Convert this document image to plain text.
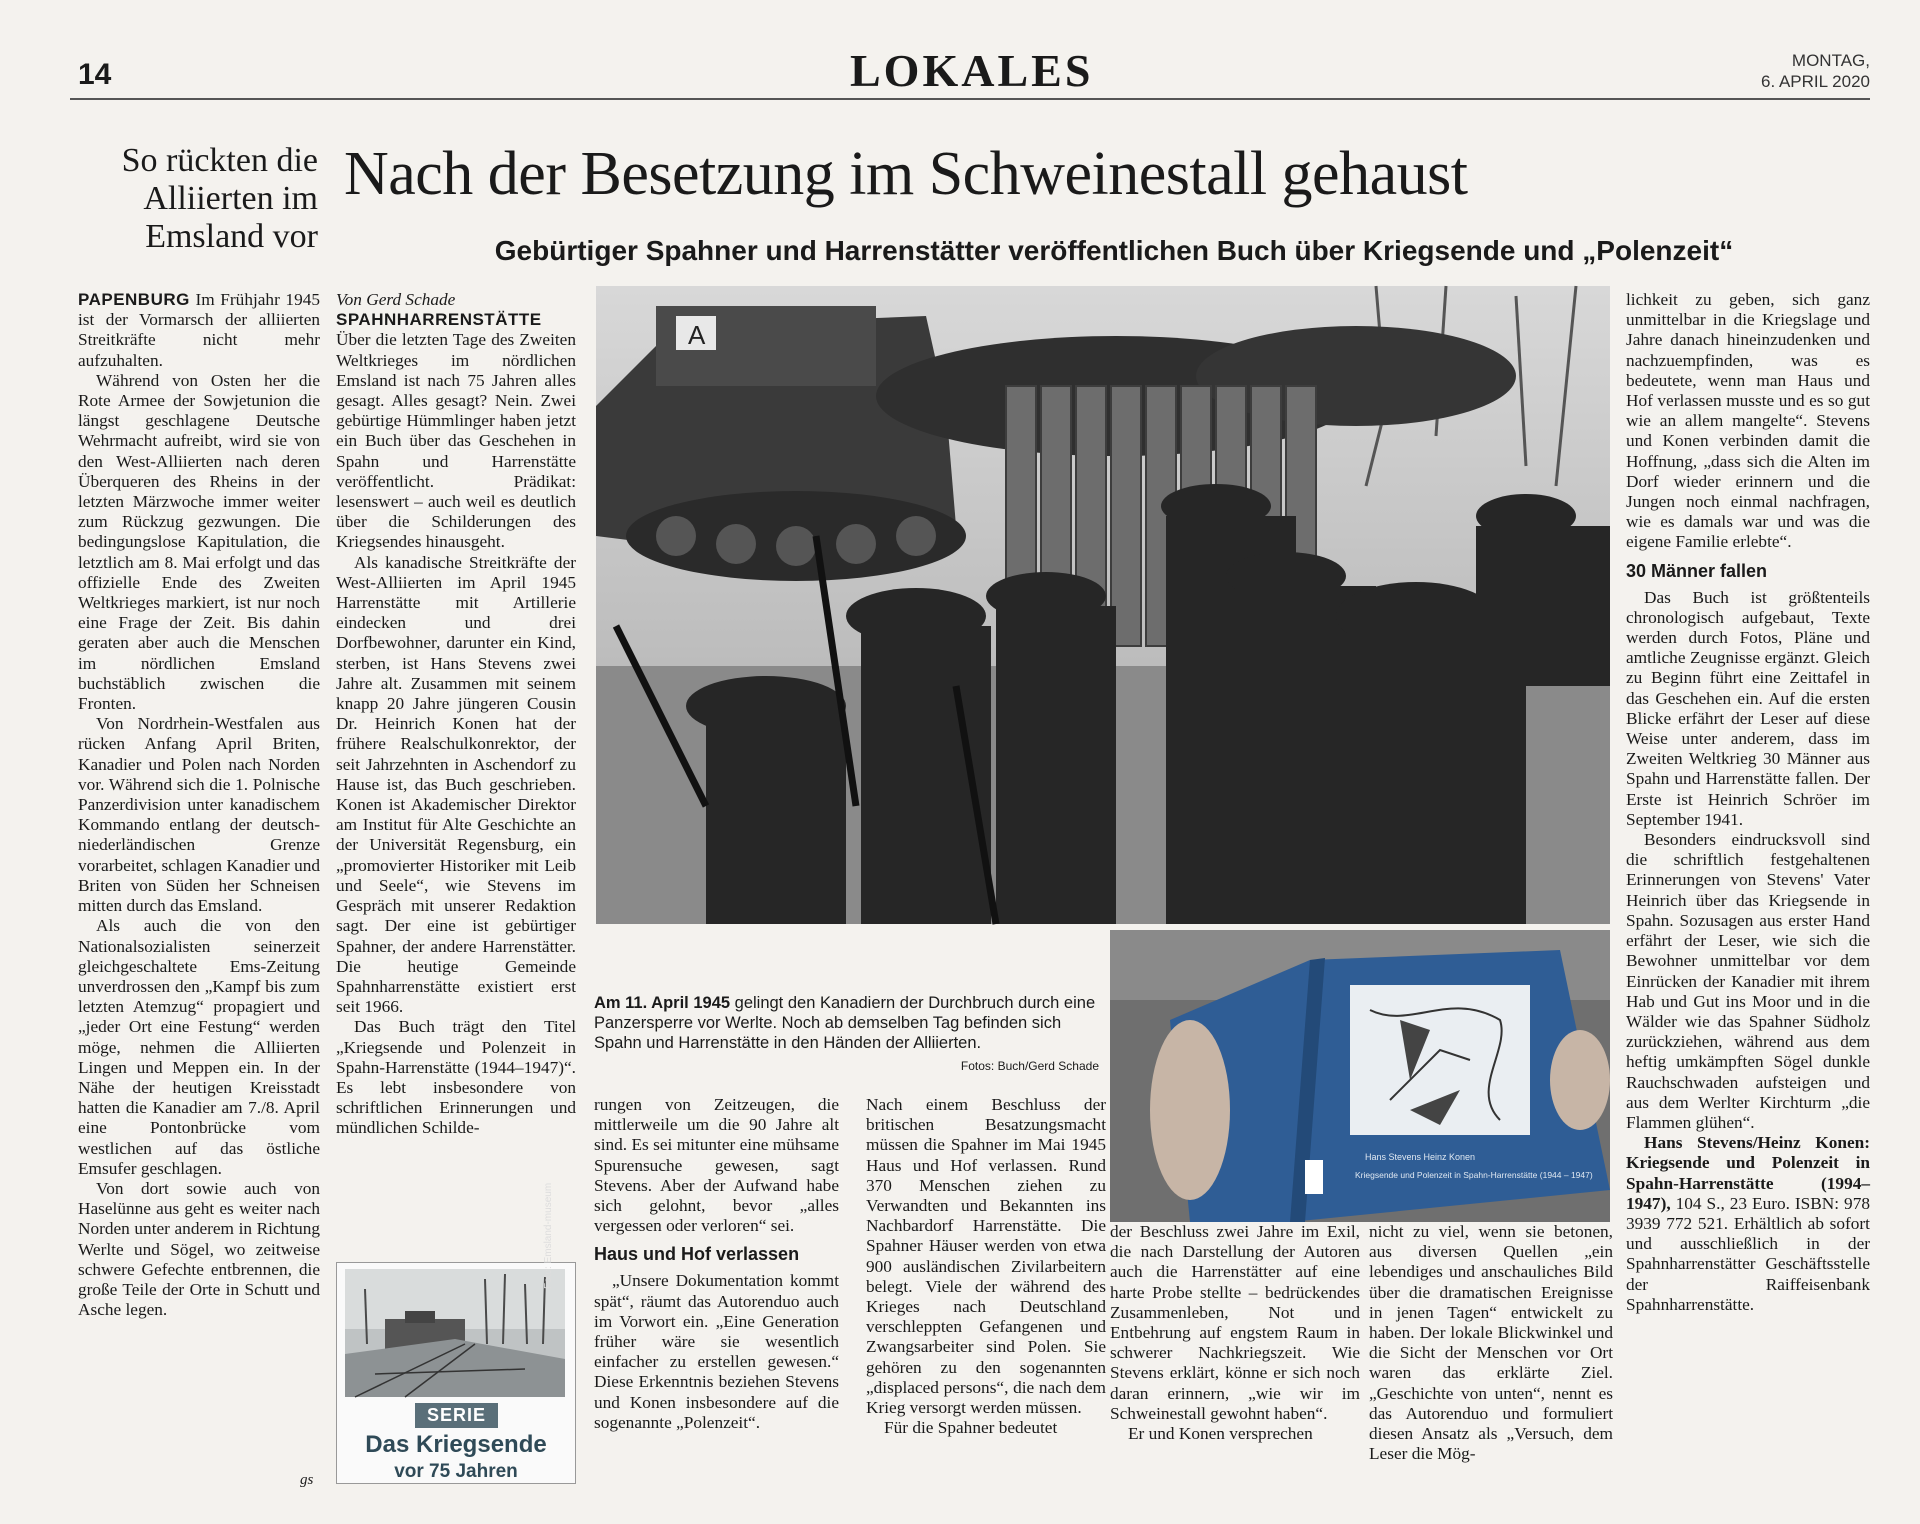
14	LOKALES	MONTAG,
6. APRIL 2020
So rückten die Alliierten im Emsland vor
Nach der Besetzung im Schweinestall gehaust
Gebürtiger Spahner und Harrenstätter veröffentlichen Buch über Kriegsende und „Polenzeit“

PAPENBURG Im Frühjahr 1945 ist der Vormarsch der alliierten Streitkräfte nicht mehr aufzuhalten.

Während von Osten her die Rote Armee der Sowjetunion die längst geschlagene Deutsche Wehrmacht aufreibt, wird sie von den West-Alliierten nach deren Überqueren des Rheins in der letzten Märzwoche immer weiter zum Rückzug gezwungen. Die bedingungslose Kapitulation, die letztlich am 8. Mai erfolgt und das offizielle Ende des Zweiten Weltkrieges markiert, ist nur noch eine Frage der Zeit. Bis dahin geraten aber auch die Menschen im nördlichen Emsland buchstäblich zwischen die Fronten.

Von Nordrhein-Westfalen aus rücken Anfang April Briten, Kanadier und Polen nach Norden vor. Während sich die 1. Polnische Panzerdivision unter kanadischem Kommando entlang der deutsch-niederländischen Grenze vorarbeitet, schlagen Kanadier und Briten von Süden her Schneisen mitten durch das Emsland.

Als auch die von den Nationalsozialisten seinerzeit gleichgeschaltete Ems-Zeitung unverdrossen den „Kampf bis zum letzten Atemzug“ propagiert und „jeder Ort eine Festung“ werden möge, nehmen die Alliierten Lingen und Meppen ein. In der Nähe der heutigen Kreisstadt hatten die Kanadier am 7./8. April eine Pontonbrücke vom westlichen auf das östliche Emsufer geschlagen.

Von dort sowie auch von Haselünne aus geht es weiter nach Norden unter anderem in Richtung Werlte und Sögel, wo zeitweise schwere Gefechte entbrennen, die große Teile der Orte in Schutt und Asche legen.

Von Gerd Schade

SPAHNHARRENSTÄTTE

Über die letzten Tage des Zweiten Weltkrieges im nördlichen Emsland ist nach 75 Jahren alles gesagt. Alles gesagt? Nein. Zwei gebürtige Hümmlinger haben jetzt ein Buch über das Geschehen in Spahn und Harrenstätte veröffentlicht. Prädikat: lesenswert – auch weil es deutlich über die Schilderungen des Kriegsendes hinausgeht.

Als kanadische Streitkräfte der West-Alliierten im April 1945 Harrenstätte mit Artillerie eindecken und drei Dorfbewohner, darunter ein Kind, sterben, ist Hans Stevens zwei Jahre alt. Zusammen mit seinem knapp 20 Jahre jüngeren Cousin Dr. Heinrich Konen hat der frühere Realschulkonrektor, der seit Jahrzehnten in Aschendorf zu Hause ist, das Buch geschrieben. Konen ist Akademischer Direktor am Institut für Alte Geschichte an der Universität Regensburg, ein „promovierter Historiker mit Leib und Seele“, wie Stevens im Gespräch mit unserer Redaktion sagt. Der eine ist gebürtiger Spahner, der andere Harrenstätter. Die heutige Gemeinde Spahnharrenstätte existiert erst seit 1966.

Das Buch trägt den Titel „Kriegsende und Polenzeit in Spahn-Harrenstätte (1944–1947)“. Es lebt insbesondere von schriftlichen Erinnerungen und mündlichen Schilde-

Foto: Emsland-museum
SERIE
Das Kriegsende
vor 75 Jahren
gs
A
Am 11. April 1945 gelingt den Kanadiern der Durchbruch durch eine Panzersperre vor Werlte. Noch ab demselben Tag befinden sich Spahn und Harrenstätte in den Händen der Alliierten.
Fotos: Buch/Gerd Schade
Hans Stevens Heinz Konen
Kriegsende und Polenzeit in Spahn-Harrenstätte (1944 – 1947)

rungen von Zeitzeugen, die mittlerweile um die 90 Jahre alt sind. Es sei mitunter eine mühsame Spurensuche gewesen, sagt Stevens. Aber der Aufwand habe sich gelohnt, bevor „alles vergessen oder verloren“ sei.

Haus und Hof verlassen

„Unsere Dokumentation kommt spät“, räumt das Autorenduo auch im Vorwort ein. „Eine Generation früher wäre sie wesentlich einfacher zu erstellen gewesen.“ Diese Erkenntnis beziehen Stevens und Konen insbesondere auf die sogenannte „Polenzeit“.

Nach einem Beschluss der britischen Besatzungsmacht müssen die Spahner im Mai 1945 Haus und Hof verlassen. Rund 370 Menschen ziehen zu Verwandten und Bekannten ins Nachbardorf Harrenstätte. Die Spahner Häuser werden von etwa 900 ausländischen Zivilarbeitern belegt. Viele der während des Krieges nach Deutschland verschleppten Gefangenen und Zwangsarbeiter sind Polen. Sie gehören zu den sogenannten „displaced persons“, die nach dem Krieg versorgt werden müssen.

Für die Spahner bedeutet

der Beschluss zwei Jahre im Exil, die nach Darstellung der Autoren auch die Harrenstätter auf eine harte Probe stellte – bedrückendes Zusammenleben, Not und Entbehrung auf engstem Raum in schwerer Nachkriegszeit. Wie Stevens erklärt, könne er sich noch daran erinnern, „wie wir im Schweinestall gewohnt haben“.

Er und Konen versprechen

nicht zu viel, wenn sie betonen, aus diversen Quellen „ein lebendiges und anschauliches Bild über die dramatischen Ereignisse in jenen Tagen“ entwickelt zu haben. Der lokale Blickwinkel und die Sicht der Menschen vor Ort waren das erklärte Ziel. „Geschichte von unten“, nennt es das Autorenduo und formuliert diesen Ansatz als „Versuch, dem Leser die Mög-

lichkeit zu geben, sich ganz unmittelbar in die Kriegslage und Jahre danach hineinzudenken und nachzuempfinden, was es bedeutete, wenn man Haus und Hof verlassen musste und es so gut wie an allem mangelte“. Stevens und Konen verbinden damit die Hoffnung, „dass sich die Alten im Dorf wieder erinnern und die Jungen noch einmal nachfragen, wie es damals war und was die eigene Familie erlebte“.

30 Männer fallen

Das Buch ist größtenteils chronologisch aufgebaut, Texte werden durch Fotos, Pläne und amtliche Zeugnisse ergänzt. Gleich zu Beginn führt eine Zeittafel in das Geschehen ein. Auf die ersten Blicke erfährt der Leser auf diese Weise unter anderem, dass im Zweiten Weltkrieg 30 Männer aus Spahn und Harrenstätte fallen. Der Erste ist Heinrich Schröer im September 1941.

Besonders eindrucksvoll sind die schriftlich festgehaltenen Erinnerungen von Stevens' Vater Heinrich über das Kriegsende in Spahn. Sozusagen aus erster Hand erfährt der Leser, wie sich die Bewohner unmittelbar vor dem Einrücken der Kanadier mit ihrem Hab und Gut ins Moor und in die Wälder wie das Spahner Südholz zurückziehen, während aus dem heftig umkämpften Sögel dunkle Rauchschwaden aufsteigen und aus dem Werlter Kirchturm „die Flammen glühen“.

Hans Stevens/Heinz Konen: Kriegsende und Polenzeit in Spahn-Harrenstätte (1994–1947), 104 S., 23 Euro. ISBN: 978 3939 772 521. Erhältlich ab sofort und ausschließlich in der Spahnharrenstätter Geschäftsstelle der Raiffeisenbank Spahnharrenstätte.
